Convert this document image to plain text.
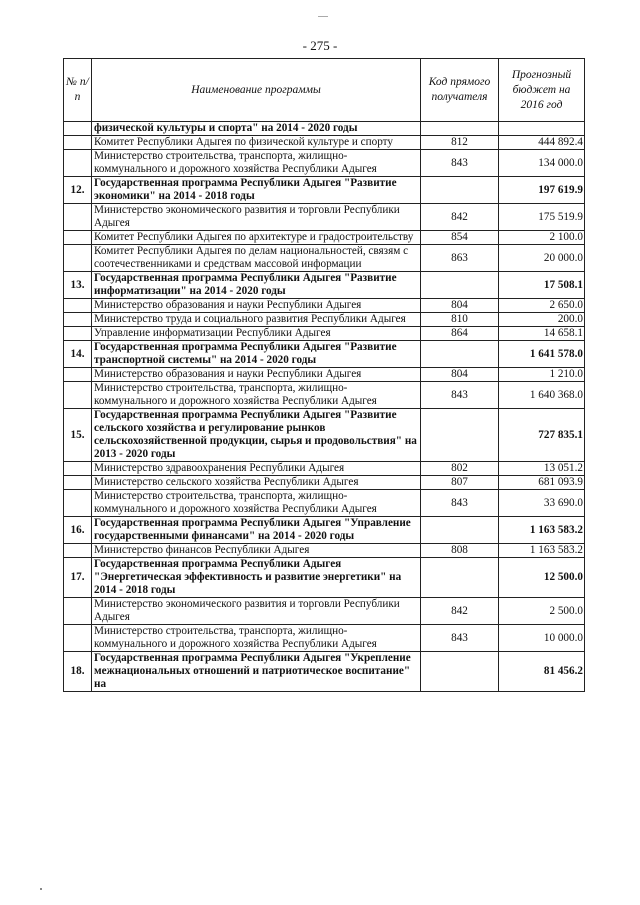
- 275 -
№ п/п	Наименование программы	Код прямого получателя	Прогнозный бюджет на 2016 год
	физической культуры и спорта" на 2014 - 2020 годы		
	Комитет Республики Адыгея по физической культуре и спорту	812	444 892.4
	Министерство строительства, транспорта, жилищно-коммунального и дорожного хозяйства Республики Адыгея	843	134 000.0
12.	Государственная программа Республики Адыгея "Развитие экономики" на 2014 - 2018 годы		197 619.9
	Министерство экономического развития и торговли Республики Адыгея	842	175 519.9
	Комитет Республики Адыгея по архитектуре и градостроительству	854	2 100.0
	Комитет Республики Адыгея по делам национальностей, связям с соотечественниками и средствам массовой информации	863	20 000.0
13.	Государственная программа Республики Адыгея "Развитие информатизации" на 2014 - 2020 годы		17 508.1
	Министерство образования и науки Республики Адыгея	804	2 650.0
	Министерство труда и социального развития Республики Адыгея	810	200.0
	Управление информатизации Республики Адыгея	864	14 658.1
14.	Государственная программа Республики Адыгея "Развитие транспортной системы" на 2014 - 2020 годы		1 641 578.0
	Министерство образования и науки Республики Адыгея	804	1 210.0
	Министерство строительства, транспорта, жилищно-коммунального и дорожного хозяйства Республики Адыгея	843	1 640 368.0
15.	Государственная программа Республики Адыгея "Развитие сельского хозяйства и регулирование рынков сельскохозяйственной продукции, сырья и продовольствия" на 2013 - 2020 годы		727 835.1
	Министерство здравоохранения Республики Адыгея	802	13 051.2
	Министерство сельского хозяйства Республики Адыгея	807	681 093.9
	Министерство строительства, транспорта, жилищно-коммунального и дорожного хозяйства Республики Адыгея	843	33 690.0
16.	Государственная программа Республики Адыгея "Управление государственными финансами" на 2014 - 2020 годы		1 163 583.2
	Министерство финансов Республики Адыгея	808	1 163 583.2
17.	Государственная программа Республики Адыгея "Энергетическая эффективность и развитие энергетики" на 2014 - 2018 годы		12 500.0
	Министерство экономического развития и торговли Республики Адыгея	842	2 500.0
	Министерство строительства, транспорта, жилищно-коммунального и дорожного хозяйства Республики Адыгея	843	10 000.0
18.	Государственная программа Республики Адыгея "Укрепление межнациональных отношений и патриотическое воспитание" на		81 456.2
